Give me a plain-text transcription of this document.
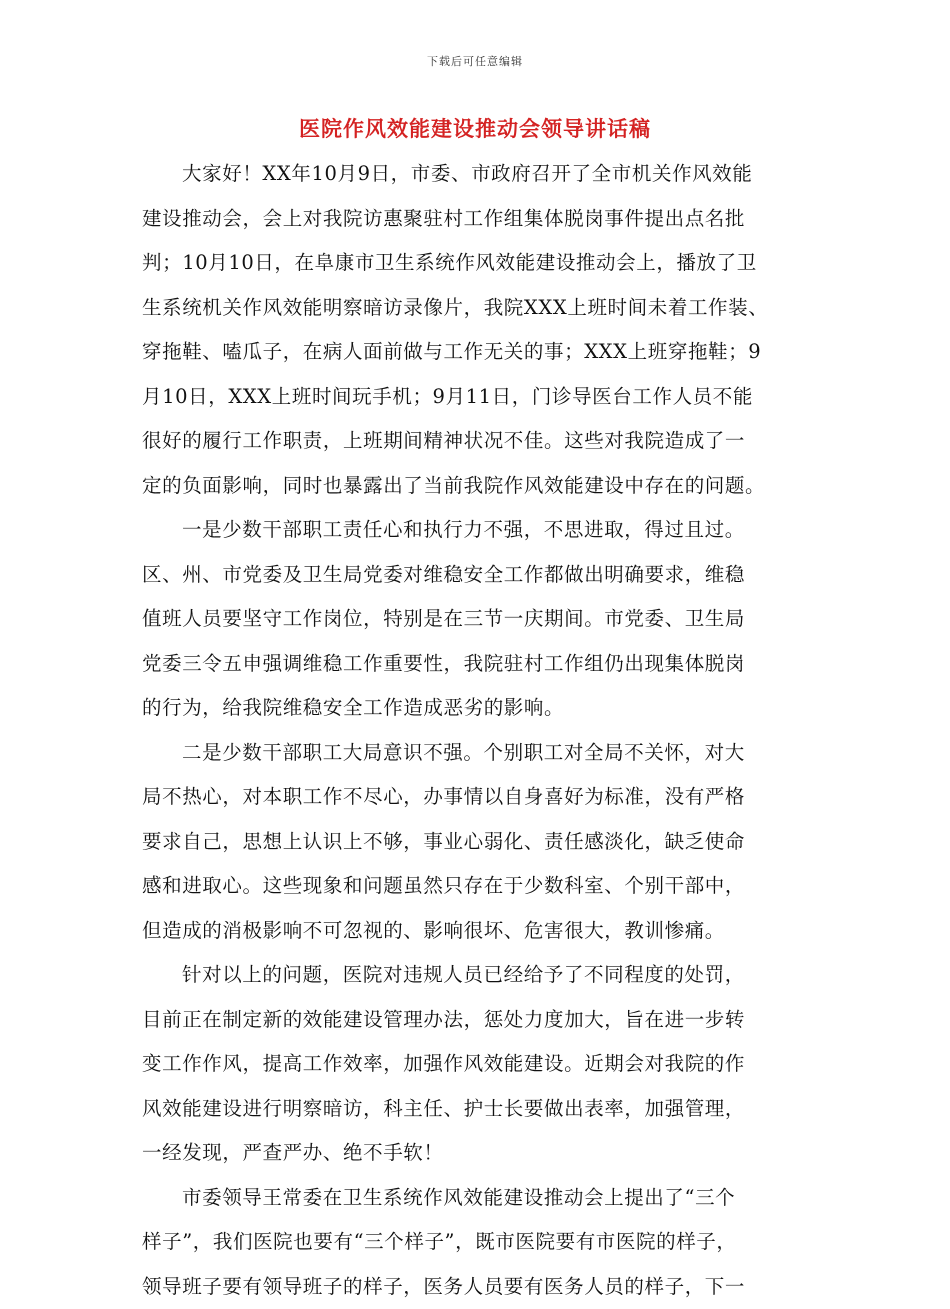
下载后可任意编辑
医院作风效能建设推动会领导讲话稿

大家好！XX年10月9日，市委、市政府召开了全市机关作风效能
建设推动会，会上对我院访惠聚驻村工作组集体脱岗事件提出点名批
判；10月10日，在阜康市卫生系统作风效能建设推动会上，播放了卫
生系统机关作风效能明察暗访录像片，我院XXX上班时间未着工作装、
穿拖鞋、嗑瓜子，在病人面前做与工作无关的事；XXX上班穿拖鞋；9
月10日，XXX上班时间玩手机；9月11日，门诊导医台工作人员不能
很好的履行工作职责，上班期间精神状况不佳。这些对我院造成了一
定的负面影响，同时也暴露出了当前我院作风效能建设中存在的问题。

一是少数干部职工责任心和执行力不强，不思进取，得过且过。
区、州、市党委及卫生局党委对维稳安全工作都做出明确要求，维稳
值班人员要坚守工作岗位，特别是在三节一庆期间。市党委、卫生局
党委三令五申强调维稳工作重要性，我院驻村工作组仍出现集体脱岗
的行为，给我院维稳安全工作造成恶劣的影响。

二是少数干部职工大局意识不强。个别职工对全局不关怀，对大
局不热心，对本职工作不尽心，办事情以自身喜好为标准，没有严格
要求自己，思想上认识上不够，事业心弱化、责任感淡化，缺乏使命
感和进取心。这些现象和问题虽然只存在于少数科室、个别干部中，
但造成的消极影响不可忽视的、影响很坏、危害很大，教训惨痛。

针对以上的问题，医院对违规人员已经给予了不同程度的处罚，
目前正在制定新的效能建设管理办法，惩处力度加大，旨在进一步转
变工作作风，提高工作效率，加强作风效能建设。近期会对我院的作
风效能建设进行明察暗访，科主任、护士长要做出表率，加强管理，
一经发现，严查严办、绝不手软！

市委领导王常委在卫生系统作风效能建设推动会上提出了“三个
样子”，我们医院也要有“三个样子”，既市医院要有市医院的样子，
领导班子要有领导班子的样子，医务人员要有医务人员的样子，下一
